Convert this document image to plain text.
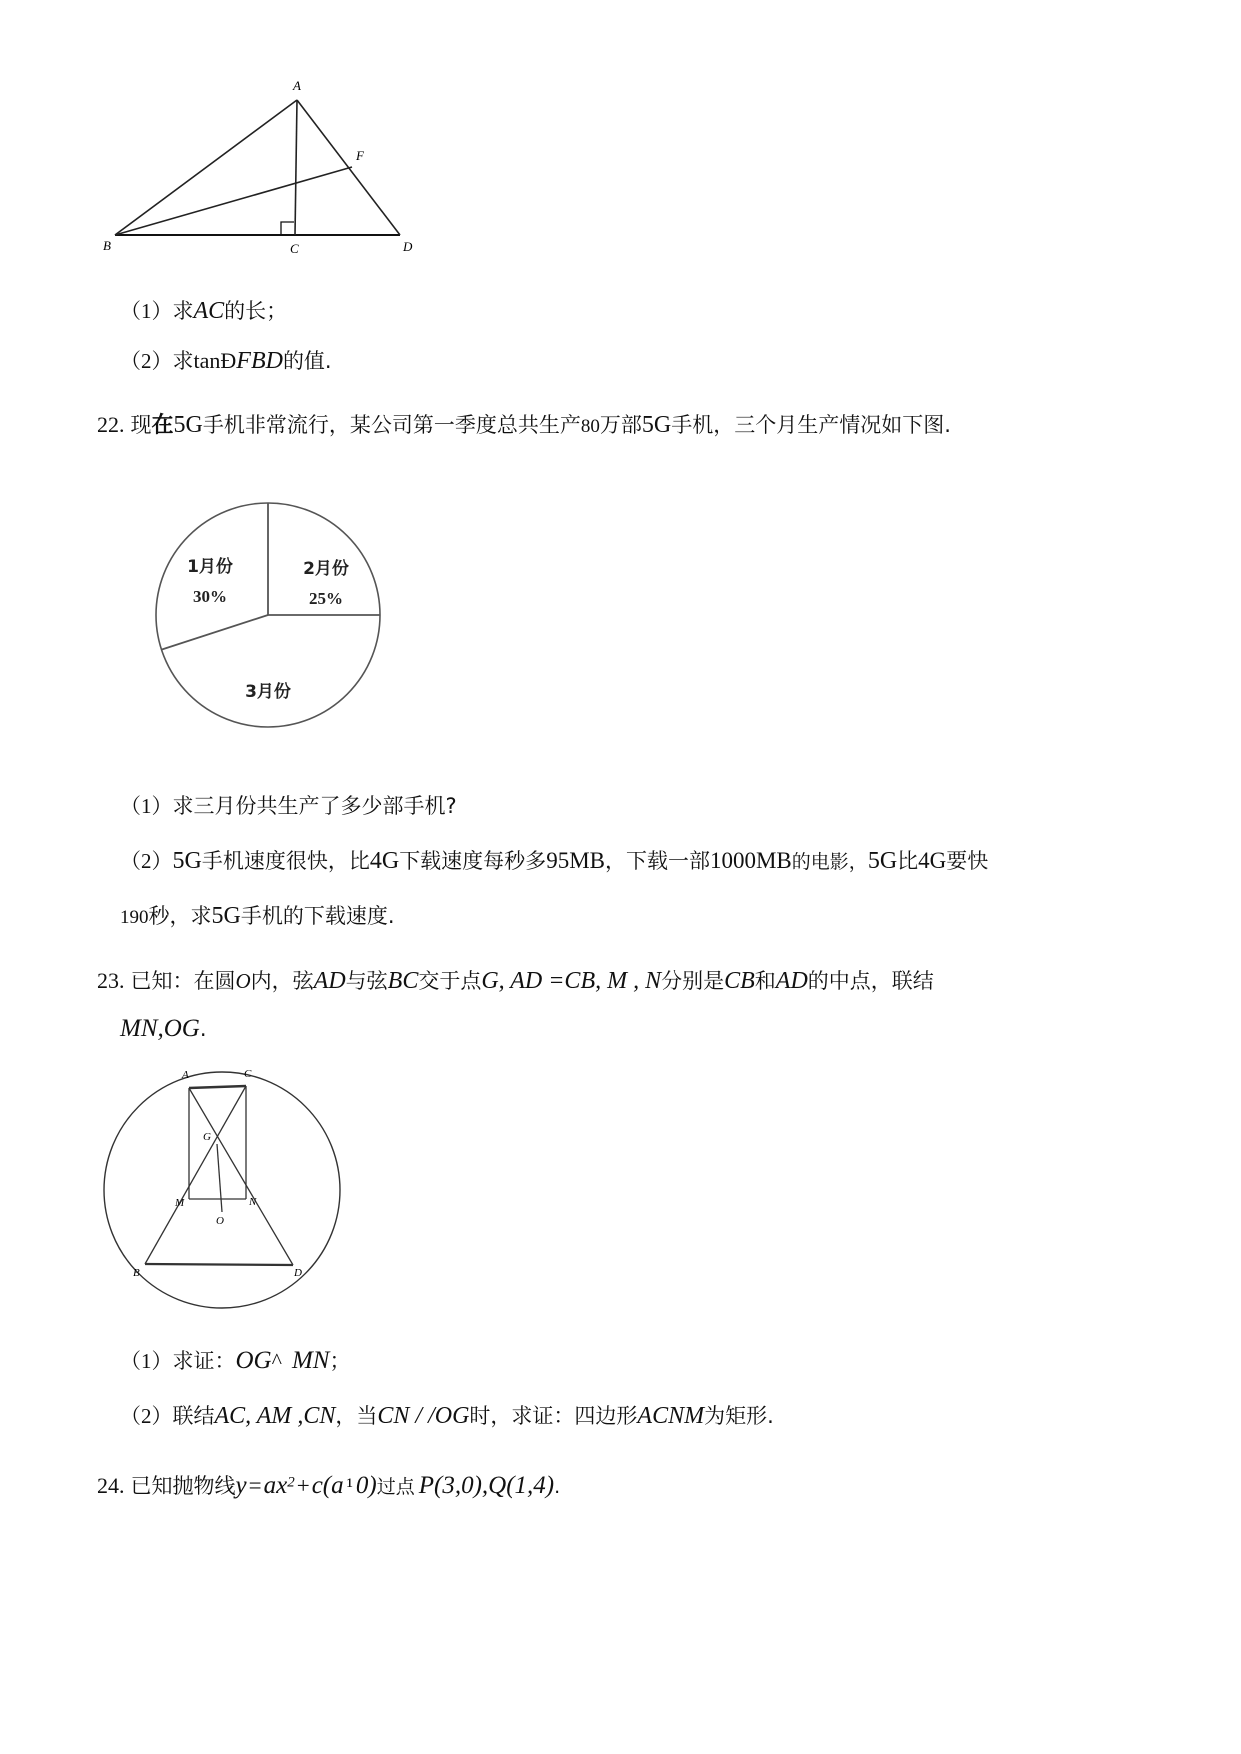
A
B	C	D
F
（1）求AC的长；
（2）求tanÐFBD的值.
22. 现在5G手机非常流行，某公司第一季度总共生产80万部5G手机，三个月生产情况如下图.
1月份
30%
2月份
25%
3月份
（1）求三月份共生产了多少部手机?
（2）5G手机速度很快，比4G下载速度每秒多95MB，下载一部1000MB的电影，5G比4G要快
190秒，求5G手机的下载速度.
23. 已知：在圆O内，弦AD与弦BC交于点G, AD =CB, M , N分别是CB和AD的中点，联结
MN,OG.
A	C
G
M	N
O
B	D
（1）求证：OG^ MN；
（2）联结AC, AM ,CN，当CN / /OG时，求证：四边形ACNM为矩形.
24. 已知抛物线y=ax2+c(a ¹ 0)过点 P(3,0),Q(1,4).
